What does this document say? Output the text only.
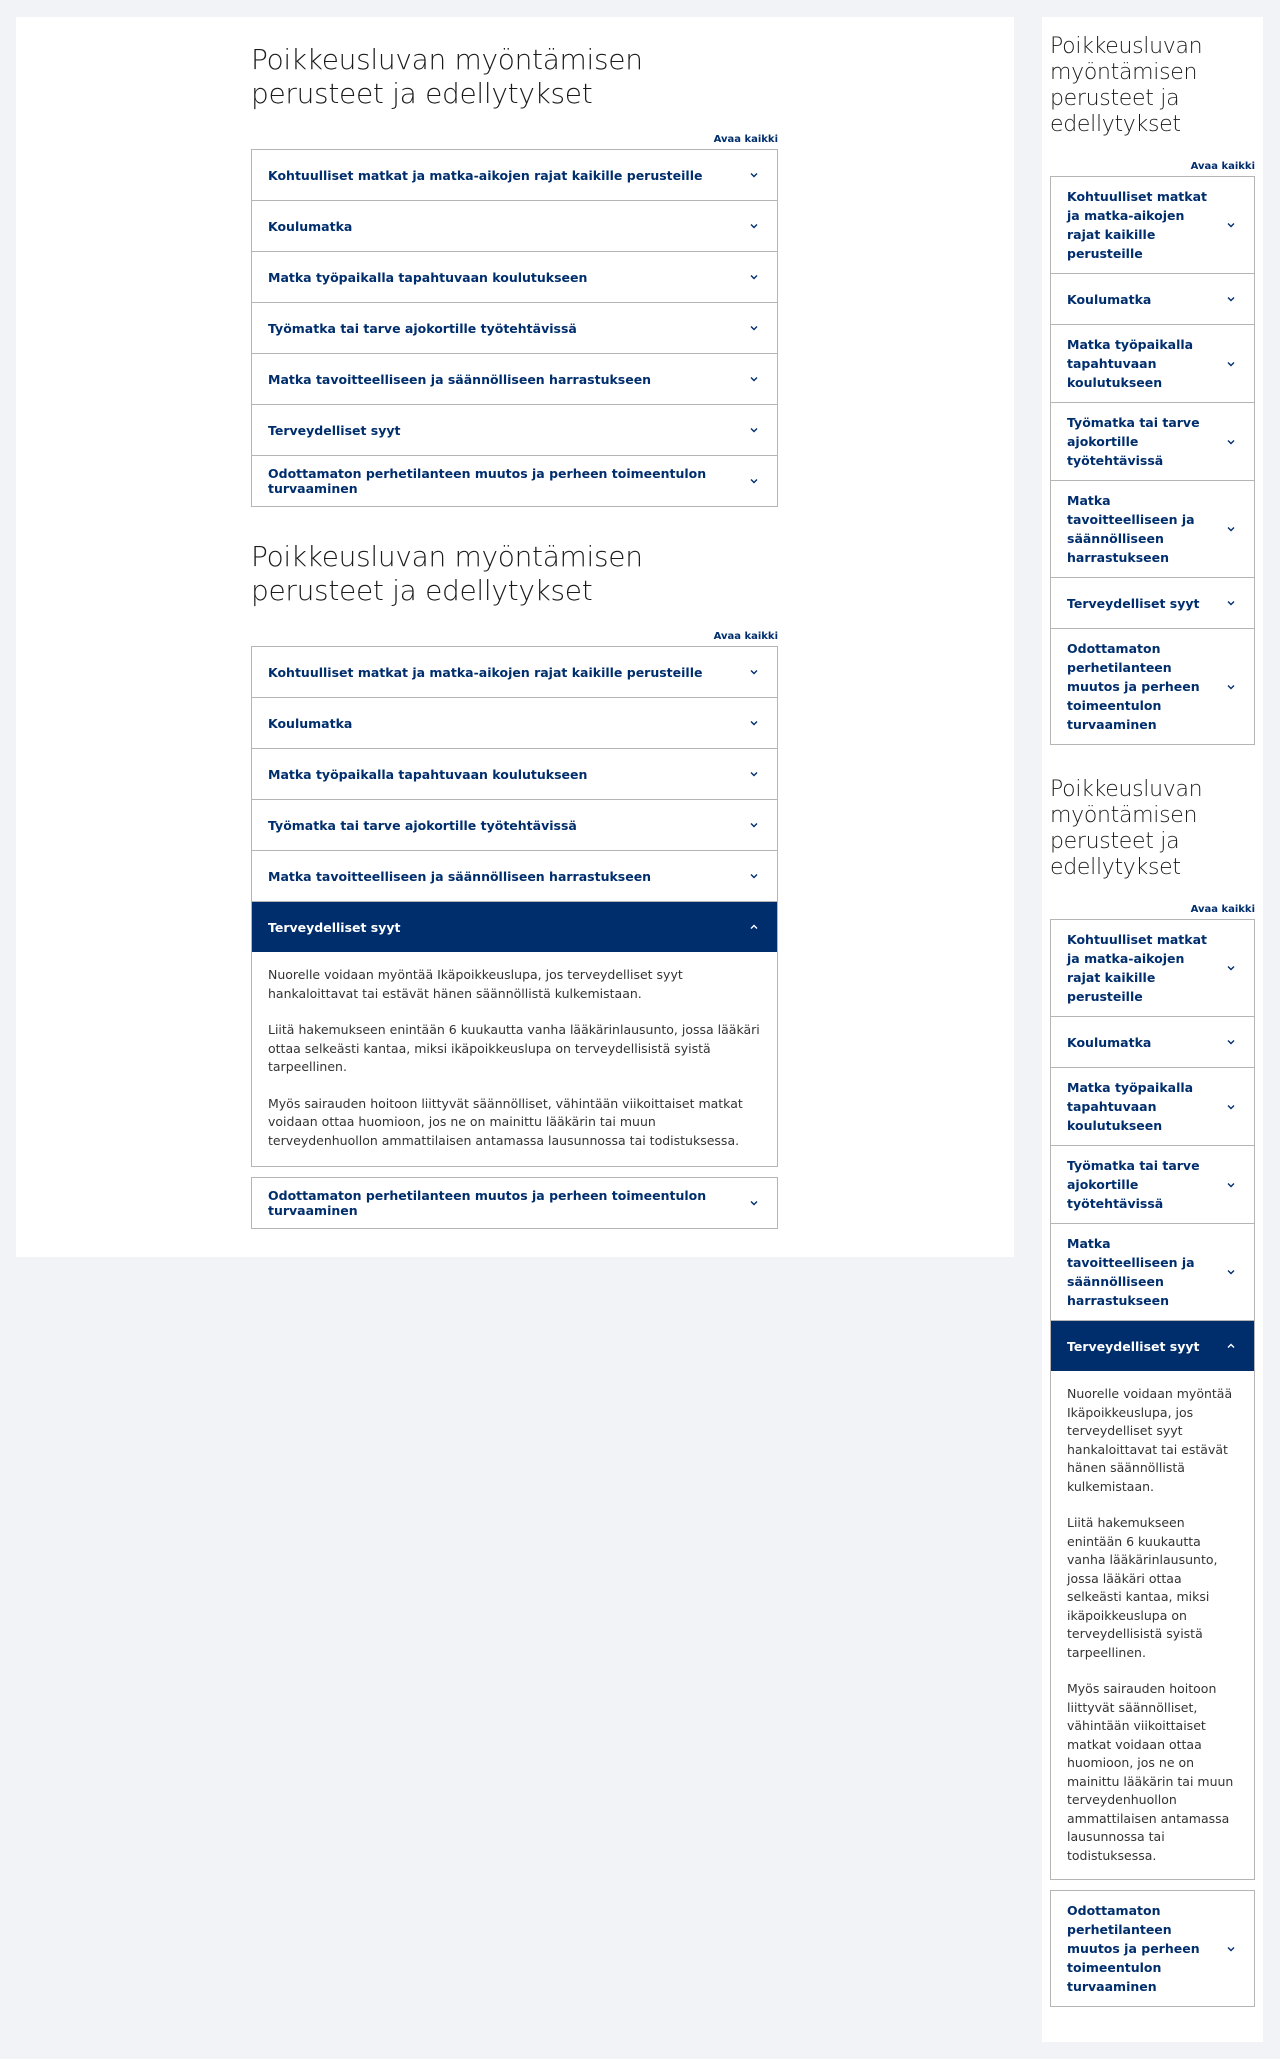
Poikkeusluvan myöntämisen perusteet ja edellytykset
Avaa kaikki
Kohtuulliset matkat ja matka-aikojen rajat kaikille perusteille
Koulumatka
Matka työpaikalla tapahtuvaan koulutukseen
Työmatka tai tarve ajokortille työtehtävissä
Matka tavoitteelliseen ja säännölliseen harrastukseen
Terveydelliset syyt
Odottamaton perhetilanteen muutos ja perheen toimeentulon turvaaminen
Poikkeusluvan myöntämisen perusteet ja edellytykset
Avaa kaikki
Kohtuulliset matkat ja matka-aikojen rajat kaikille perusteille
Koulumatka
Matka työpaikalla tapahtuvaan koulutukseen
Työmatka tai tarve ajokortille työtehtävissä
Matka tavoitteelliseen ja säännölliseen harrastukseen
Terveydelliset syyt

Nuorelle voidaan myöntää Ikäpoikkeuslupa, jos terveydelliset syyt hankaloittavat tai estävät hänen säännöllistä kulkemistaan.

Liitä hakemukseen enintään 6 kuukautta vanha lääkärinlausunto, jossa lääkäri ottaa selkeästi kantaa, miksi ikäpoikkeuslupa on terveydellisistä syistä tarpeellinen.

Myös sairauden hoitoon liittyvät säännölliset, vähintään viikoittaiset matkat voidaan ottaa huomioon, jos ne on mainittu lääkärin tai muun terveydenhuollon ammattilaisen antamassa lausunnossa tai todistuksessa.

Odottamaton perhetilanteen muutos ja perheen toimeentulon turvaaminen
Poikkeusluvan myöntämisen perusteet ja edellytykset
Avaa kaikki
Kohtuulliset matkat ja matka-aikojen rajat kaikille perusteille
Koulumatka
Matka työpaikalla tapahtuvaan koulutukseen
Työmatka tai tarve ajokortille työtehtävissä
Matka tavoitteelliseen ja säännölliseen harrastukseen
Terveydelliset syyt
Odottamaton perhetilanteen muutos ja perheen toimeentulon turvaaminen
Poikkeusluvan myöntämisen perusteet ja edellytykset
Avaa kaikki
Kohtuulliset matkat ja matka-aikojen rajat kaikille perusteille
Koulumatka
Matka työpaikalla tapahtuvaan koulutukseen
Työmatka tai tarve ajokortille työtehtävissä
Matka tavoitteelliseen ja säännölliseen harrastukseen
Terveydelliset syyt

Nuorelle voidaan myöntää Ikäpoikkeuslupa, jos terveydelliset syyt hankaloittavat tai estävät hänen säännöllistä kulkemistaan.

Liitä hakemukseen enintään 6 kuukautta vanha lääkärinlausunto, jossa lääkäri ottaa selkeästi kantaa, miksi ikäpoikkeuslupa on terveydellisistä syistä tarpeellinen.

Myös sairauden hoitoon liittyvät säännölliset, vähintään viikoittaiset matkat voidaan ottaa huomioon, jos ne on mainittu lääkärin tai muun terveydenhuollon ammattilaisen antamassa lausunnossa tai todistuksessa.

Odottamaton perhetilanteen muutos ja perheen toimeentulon turvaaminen
